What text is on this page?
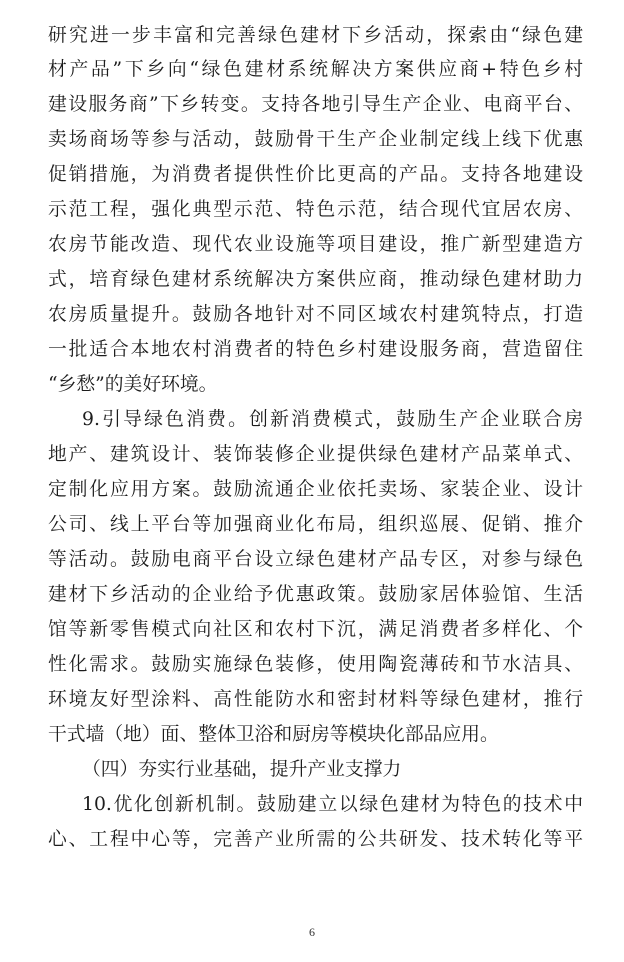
研究进一步丰富和完善绿色建材下乡活动，探索由“绿色建
材产品”下乡向“绿色建材系统解决方案供应商+特色乡村
建设服务商”下乡转变。支持各地引导生产企业、电商平台、
卖场商场等参与活动，鼓励骨干生产企业制定线上线下优惠
促销措施，为消费者提供性价比更高的产品。支持各地建设
示范工程，强化典型示范、特色示范，结合现代宜居农房、
农房节能改造、现代农业设施等项目建设，推广新型建造方
式，培育绿色建材系统解决方案供应商，推动绿色建材助力
农房质量提升。鼓励各地针对不同区域农村建筑特点，打造
一批适合本地农村消费者的特色乡村建设服务商，营造留住
“乡愁”的美好环境。
9.引导绿色消费。创新消费模式，鼓励生产企业联合房
地产、建筑设计、装饰装修企业提供绿色建材产品菜单式、
定制化应用方案。鼓励流通企业依托卖场、家装企业、设计
公司、线上平台等加强商业化布局，组织巡展、促销、推介
等活动。鼓励电商平台设立绿色建材产品专区，对参与绿色
建材下乡活动的企业给予优惠政策。鼓励家居体验馆、生活
馆等新零售模式向社区和农村下沉，满足消费者多样化、个
性化需求。鼓励实施绿色装修，使用陶瓷薄砖和节水洁具、
环境友好型涂料、高性能防水和密封材料等绿色建材，推行
干式墙（地）面、整体卫浴和厨房等模块化部品应用。
（四）夯实行业基础，提升产业支撑力
10.优化创新机制。鼓励建立以绿色建材为特色的技术中
心、工程中心等，完善产业所需的公共研发、技术转化等平
6
